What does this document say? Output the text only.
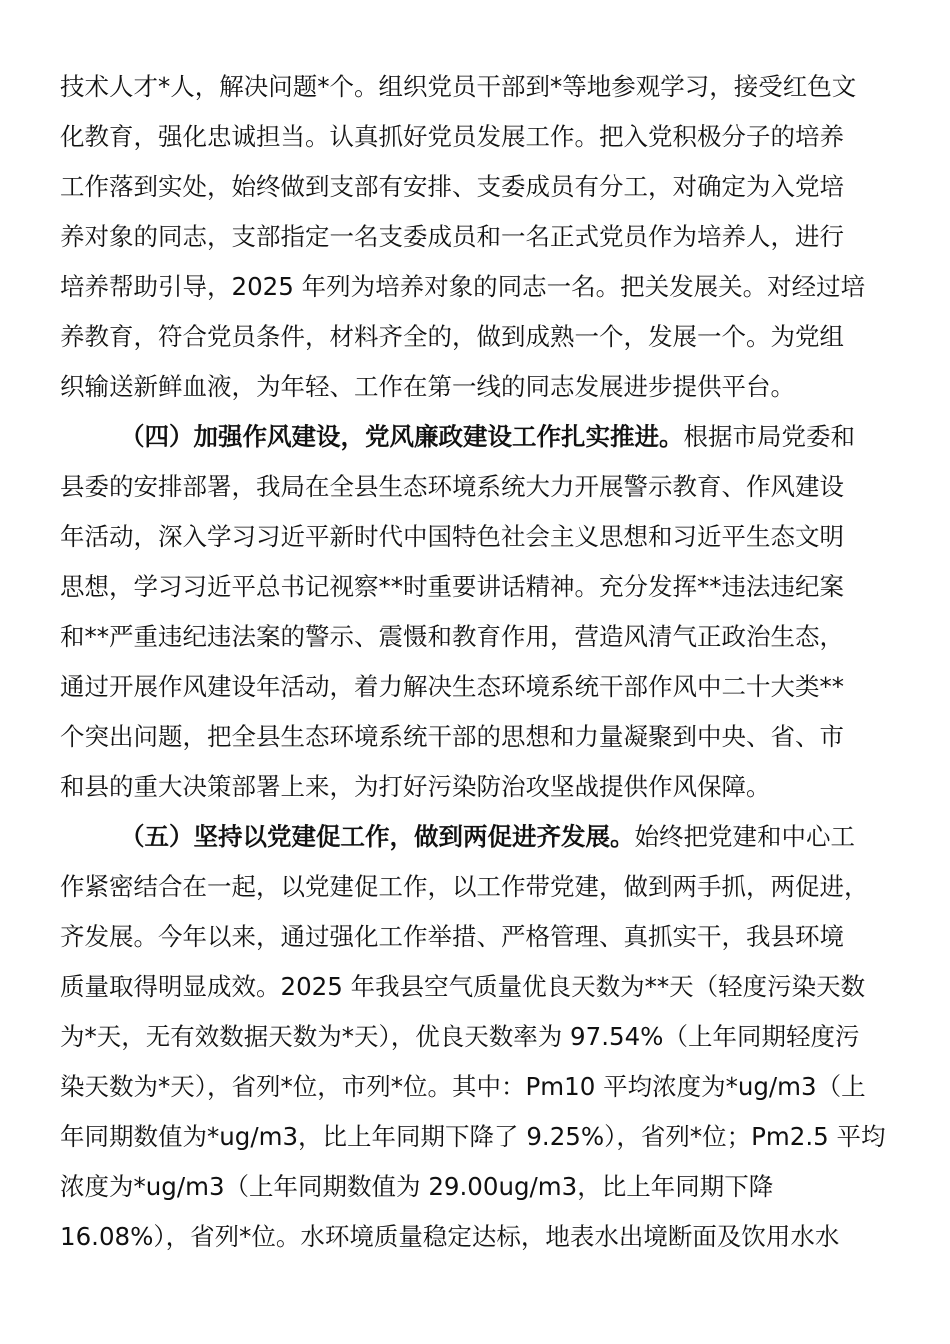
技术人才*人，解决问题*个。组织党员干部到*等地参观学习，接受红色文
化教育，强化忠诚担当。认真抓好党员发展工作。把入党积极分子的培养
工作落到实处，始终做到支部有安排、支委成员有分工，对确定为入党培
养对象的同志，支部指定一名支委成员和一名正式党员作为培养人，进行
培养帮助引导，2025 年列为培养对象的同志一名。把关发展关。对经过培
养教育，符合党员条件，材料齐全的，做到成熟一个，发展一个。为党组
织输送新鲜血液，为年轻、工作在第一线的同志发展进步提供平台。
（四）加强作风建设，党风廉政建设工作扎实推进。根据市局党委和
县委的安排部署，我局在全县生态环境系统大力开展警示教育、作风建设
年活动，深入学习习近平新时代中国特色社会主义思想和习近平生态文明
思想，学习习近平总书记视察**时重要讲话精神。充分发挥**违法违纪案
和**严重违纪违法案的警示、震慑和教育作用，营造风清气正政治生态，
通过开展作风建设年活动，着力解决生态环境系统干部作风中二十大类**
个突出问题，把全县生态环境系统干部的思想和力量凝聚到中央、省、市
和县的重大决策部署上来，为打好污染防治攻坚战提供作风保障。
（五）坚持以党建促工作，做到两促进齐发展。始终把党建和中心工
作紧密结合在一起，以党建促工作，以工作带党建，做到两手抓，两促进，
齐发展。今年以来，通过强化工作举措、严格管理、真抓实干，我县环境
质量取得明显成效。2025 年我县空气质量优良天数为**天（轻度污染天数
为*天，无有效数据天数为*天），优良天数率为 97.54%（上年同期轻度污
染天数为*天），省列*位，市列*位。其中：Pm10 平均浓度为*ug/m3（上
年同期数值为*ug/m3，比上年同期下降了 9.25%），省列*位；Pm2.5 平均
浓度为*ug/m3（上年同期数值为 29.00ug/m3，比上年同期下降
16.08%），省列*位。水环境质量稳定达标，地表水出境断面及饮用水水
